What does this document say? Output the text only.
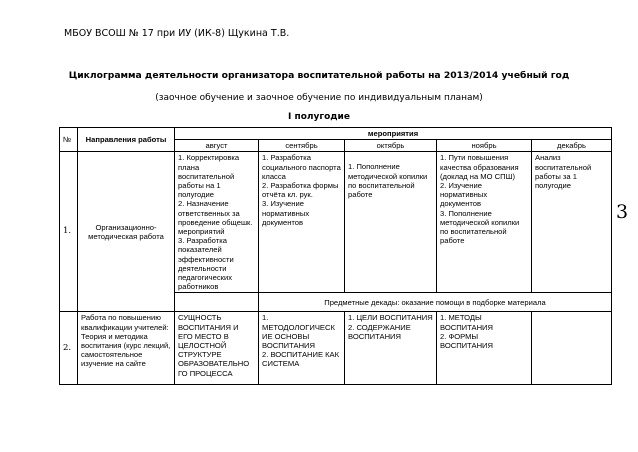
МБОУ ВСОШ № 17 при ИУ (ИК-8) Щукина Т.В.
Циклограмма деятельности организатора воспитательной работы на 2013/2014 учебный год
(заочное обучение и заочное обучение по индивидуальным планам)
I полугодие
3
№	Направления работы	мероприятия				
		август	сентябрь	октябрь	ноябрь	декабрь
1.	Организационно-методическая работа	1. Корректировка плана воспитательной работы на 1 полугодие
2. Назначение ответственных за проведение общешк. мероприятий
3. Разработка показателей эффективности деятельности педагогических работников	1. Разработка социального паспорта класса
2. Разработка формы отчёта кл. рук.
3. Изучение нормативных документов	1. Пополнение методической копилки по воспитательной работе	1. Пути повышения качества образования (доклад на МО СПШ)
2. Изучение нормативных документов
3. Пополнение методической копилки по воспитательной работе	Анализ воспитательной работы за 1 полугодие
			Предметные декады: оказание помощи в подборке материала			
2.	Работа по повышению квалификации учителей:
Теория и методика воспитания (курс лекций, самостоятельное изучение на сайте	СУЩНОСТЬ ВОСПИТАНИЯ И ЕГО МЕСТО В ЦЕЛОСТНОЙ СТРУКТУРЕ ОБРАЗОВАТЕЛЬНО ГО ПРОЦЕССА	1. МЕТОДОЛОГИЧЕСК ИЕ ОСНОВЫ ВОСПИТАНИЯ
2. ВОСПИТАНИЕ КАК СИСТЕМА	1. ЦЕЛИ ВОСПИТАНИЯ
2. СОДЕРЖАНИЕ ВОСПИТАНИЯ	1. МЕТОДЫ ВОСПИТАНИЯ
2. ФОРМЫ ВОСПИТАНИЯ	
